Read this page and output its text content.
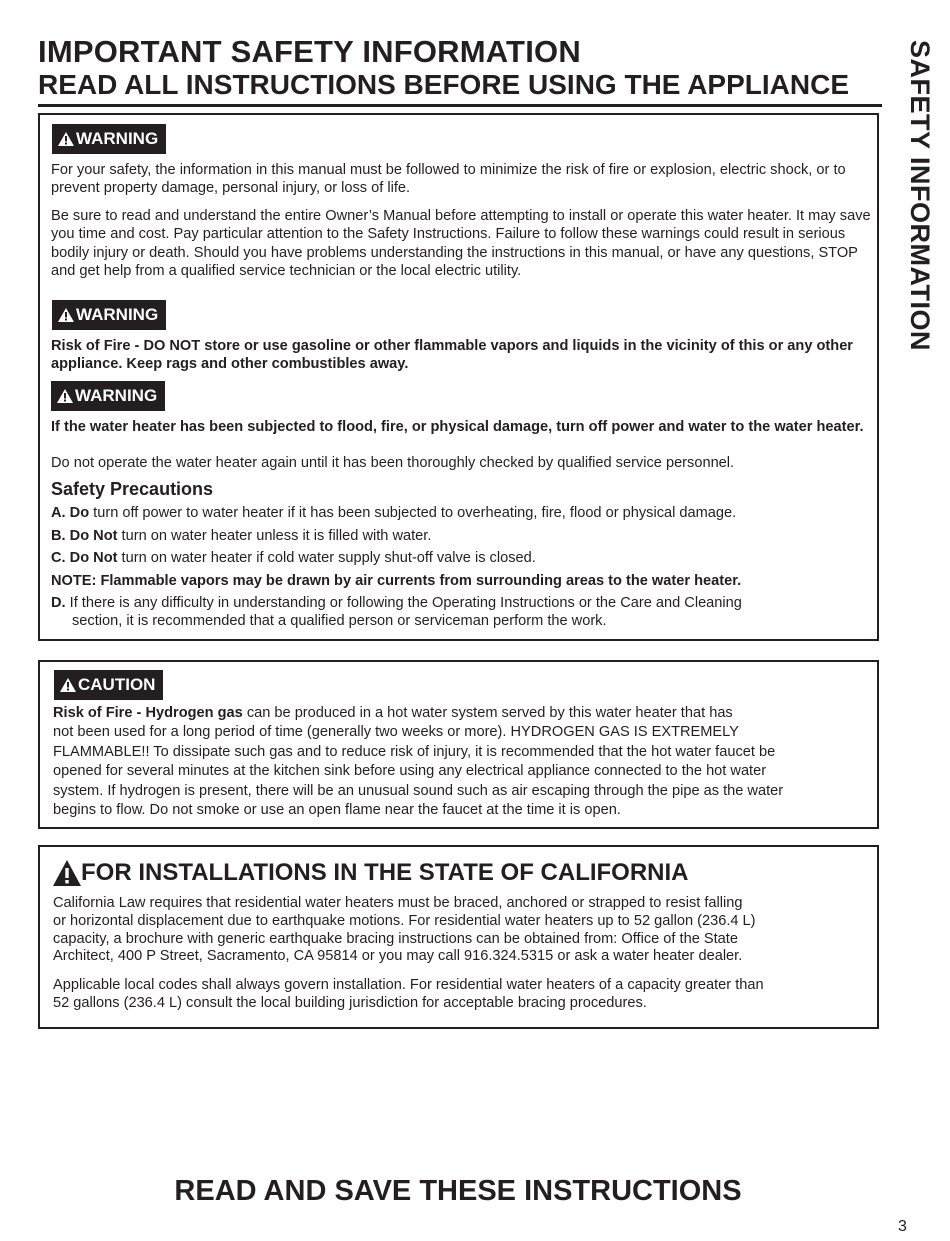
IMPORTANT SAFETY INFORMATION
READ ALL INSTRUCTIONS BEFORE USING THE APPLIANCE SAFETY INFORMATION
WARNING

For your safety, the information in this manual must be followed to minimize the risk of fire or explosion, electric shock, or to prevent property damage, personal injury, or loss of life.

Be sure to read and understand the entire Owner’s Manual before attempting to install or operate this water heater. It may save you time and cost. Pay particular attention to the Safety Instructions. Failure to follow these warnings could result in serious bodily injury or death. Should you have problems understanding the instructions in this manual, or have any questions, STOP and get help from a qualified service technician or the local electric utility.

WARNING

Risk of Fire - DO NOT store or use gasoline or other flammable vapors and liquids in the vicinity of this or any other appliance. Keep rags and other combustibles away.

WARNING

If the water heater has been subjected to flood, fire, or physical damage, turn off power and water to the water heater.

Do not operate the water heater again until it has been thoroughly checked by qualified service personnel.

Safety Precautions
A. Do turn off power to water heater if it has been subjected to overheating, fire, flood or physical damage.
B. Do Not turn on water heater unless it is filled with water.
C. Do Not turn on water heater if cold water supply shut-off valve is closed.
NOTE: Flammable vapors may be drawn by air currents from surrounding areas to the water heater.
D. If there is any difficulty in understanding or following the Operating Instructions or the Care and Cleaning
section, it is recommended that a qualified person or serviceman perform the work.
CAUTION
Risk of Fire - Hydrogen gas can be produced in a hot water system served by this water heater that has
not been used for a long period of time (generally two weeks or more). HYDROGEN GAS IS EXTREMELY
FLAMMABLE!! To dissipate such gas and to reduce risk of injury, it is recommended that the hot water faucet be
opened for several minutes at the kitchen sink before using any electrical appliance connected to the hot water
system. If hydrogen is present, there will be an unusual sound such as air escaping through the pipe as the water
begins to flow. Do not smoke or use an open flame near the faucet at the time it is open.
FOR INSTALLATIONS IN THE STATE OF CALIFORNIA
California Law requires that residential water heaters must be braced, anchored or strapped to resist falling
or horizontal displacement due to earthquake motions. For residential water heaters up to 52 gallon (236.4 L)
capacity, a brochure with generic earthquake bracing instructions can be obtained from: Office of the State
Architect, 400 P Street, Sacramento, CA 95814 or you may call 916.324.5315 or ask a water heater dealer.
Applicable local codes shall always govern installation. For residential water heaters of a capacity greater than
52 gallons (236.4 L) consult the local building jurisdiction for acceptable bracing procedures.
READ AND SAVE THESE INSTRUCTIONS
3
